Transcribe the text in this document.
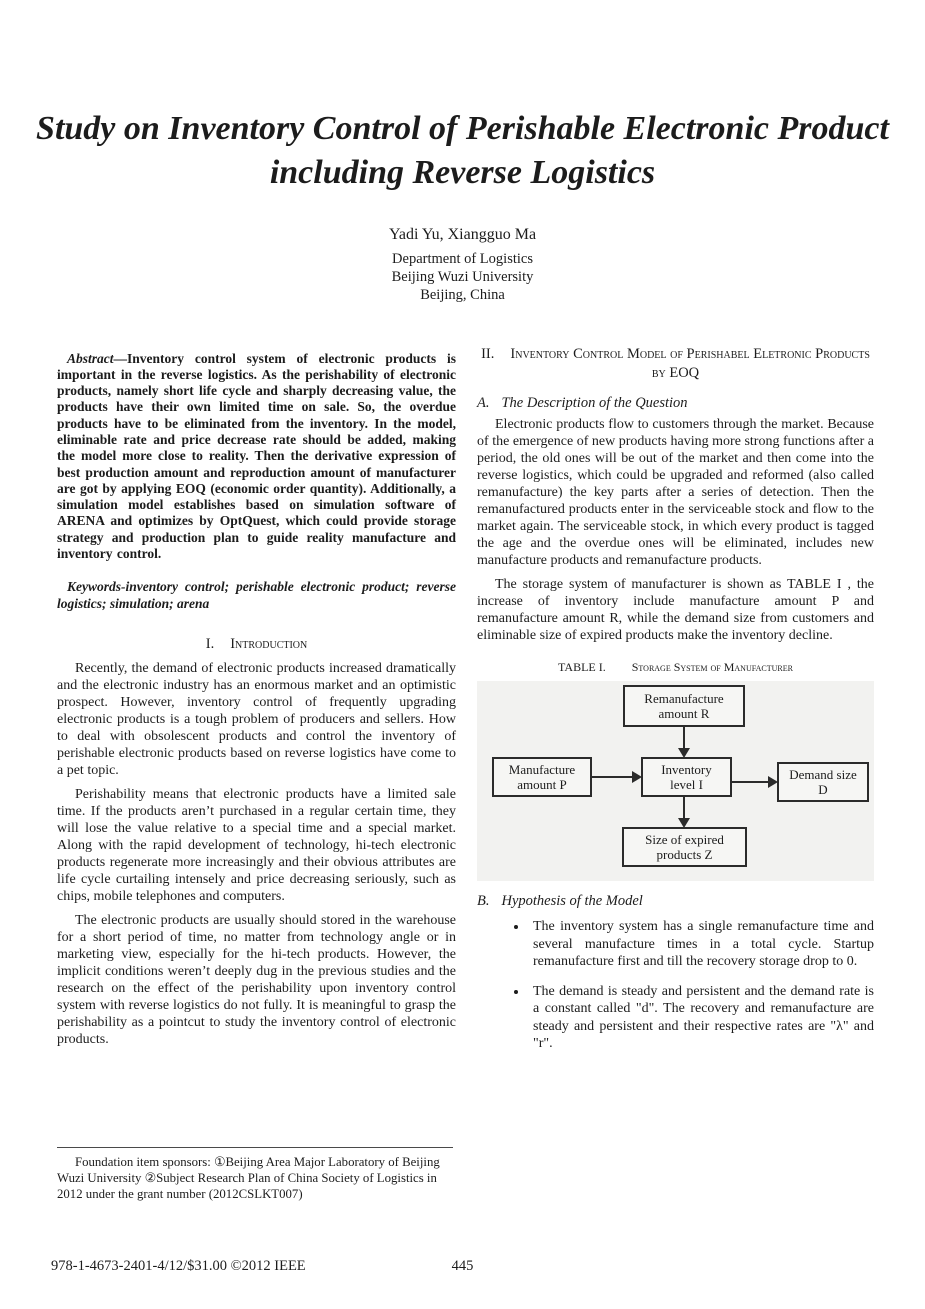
Study on Inventory Control of Perishable Electronic Product including Reverse Logistics
Yadi Yu, Xiangguo Ma
Department of Logistics
Beijing Wuzi University
Beijing, China

Abstract—Inventory control system of electronic products is important in the reverse logistics. As the perishability of electronic products, namely short life cycle and sharply decreasing value, the products have their own limited time on sale. So, the overdue products have to be eliminated from the inventory. In the model, eliminable rate and price decrease rate should be added, making the model more close to reality. Then the derivative expression of best production amount and reproduction amount of manufacturer are got by applying EOQ (economic order quantity). Additionally, a simulation model establishes based on simulation software of ARENA and optimizes by OptQuest, which could provide storage strategy and production plan to guide reality manufacture and inventory control.

Keywords-inventory control; perishable electronic product; reverse logistics; simulation; arena

I. Introduction

Recently, the demand of electronic products increased dramatically and the electronic industry has an enormous market and an optimistic prospect. However, inventory control of frequently upgrading electronic products is a tough problem of producers and sellers. How to deal with obsolescent products and control the inventory of perishable electronic products based on reverse logistics have come to a pet topic.

Perishability means that electronic products have a limited sale time. If the products aren’t purchased in a regular certain time, they will lose the value relative to a special time and a special market. Along with the rapid development of technology, hi-tech electronic products regenerate more increasingly and their obvious attributes are life cycle curtailing intensely and price decreasing seriously, such as chips, mobile telephones and computers.

The electronic products are usually should stored in the warehouse for a short period of time, no matter from technology angle or in marketing view, especially for the hi-tech products. However, the implicit conditions weren’t deeply dug in the previous studies and the research on the effect of the perishability upon inventory control system with reverse logistics do not fully. It is meaningful to grasp the perishability as a pointcut to study the inventory control of electronic products.

II. Inventory Control Model of Perishabel Eletronic Products by EOQ
A. The Description of the Question

Electronic products flow to customers through the market. Because of the emergence of new products having more strong functions after a period, the old ones will be out of the market and then come into the reverse logistics, which could be upgraded and reformed (also called remanufacture) the key parts after a series of detection. Then the remanufactured products enter in the serviceable stock and flow to the market again. The serviceable stock, in which every product is tagged the age and the overdue ones will be eliminated, includes new manufacture products and remanufacture products.

The storage system of manufacturer is shown as TABLE I , the increase of inventory include manufacture amount P and remanufacture amount R, while the demand size from customers and eliminable size of expired products make the inventory decline.

TABLE I. Storage System of Manufacturer
Remanufacture amount R
Manufacture amount P
Inventory level I
Demand size D
Size of expired products Z
B. Hypothesis of the Model
• The inventory system has a single remanufacture time and several manufacture times in a total cycle. Startup remanufacture first and till the recovery storage drop to 0.
• The demand is steady and persistent and the demand rate is a constant called "d". The recovery and remanufacture are steady and persistent and their respective rates are "λ" and "r".
Foundation item sponsors: ①Beijing Area Major Laboratory of Beijing Wuzi University ②Subject Research Plan of China Society of Logistics in 2012 under the grant number (2012CSLKT007)
978-1-4673-2401-4/12/$31.00 ©2012 IEEE	445
